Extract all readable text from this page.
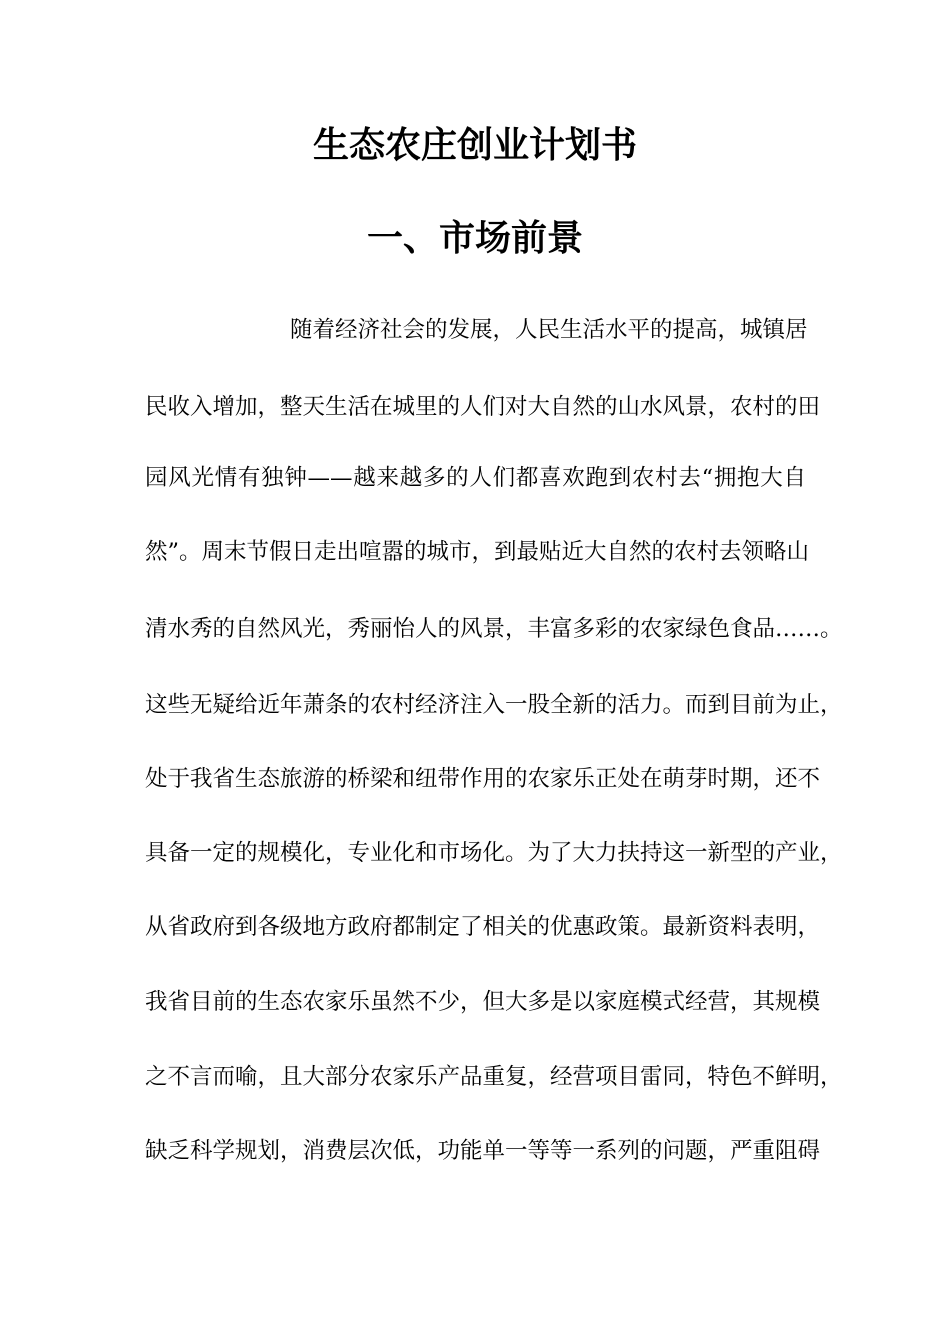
生态农庄创业计划书
一、市场前景

随着经济社会的发展，人民生活水平的提高，城镇居

民收入增加，整天生活在城里的人们对大自然的山水风景，农村的田

园风光情有独钟——越来越多的人们都喜欢跑到农村去“拥抱大自

然”。周末节假日走出喧嚣的城市，到最贴近大自然的农村去领略山

清水秀的自然风光，秀丽怡人的风景，丰富多彩的农家绿色食品……。

这些无疑给近年萧条的农村经济注入一股全新的活力。而到目前为止，

处于我省生态旅游的桥梁和纽带作用的农家乐正处在萌芽时期，还不

具备一定的规模化，专业化和市场化。为了大力扶持这一新型的产业，

从省政府到各级地方政府都制定了相关的优惠政策。最新资料表明，

我省目前的生态农家乐虽然不少，但大多是以家庭模式经营，其规模

之不言而喻，且大部分农家乐产品重复，经营项目雷同，特色不鲜明，

缺乏科学规划，消费层次低，功能单一等等一系列的问题，严重阻碍
